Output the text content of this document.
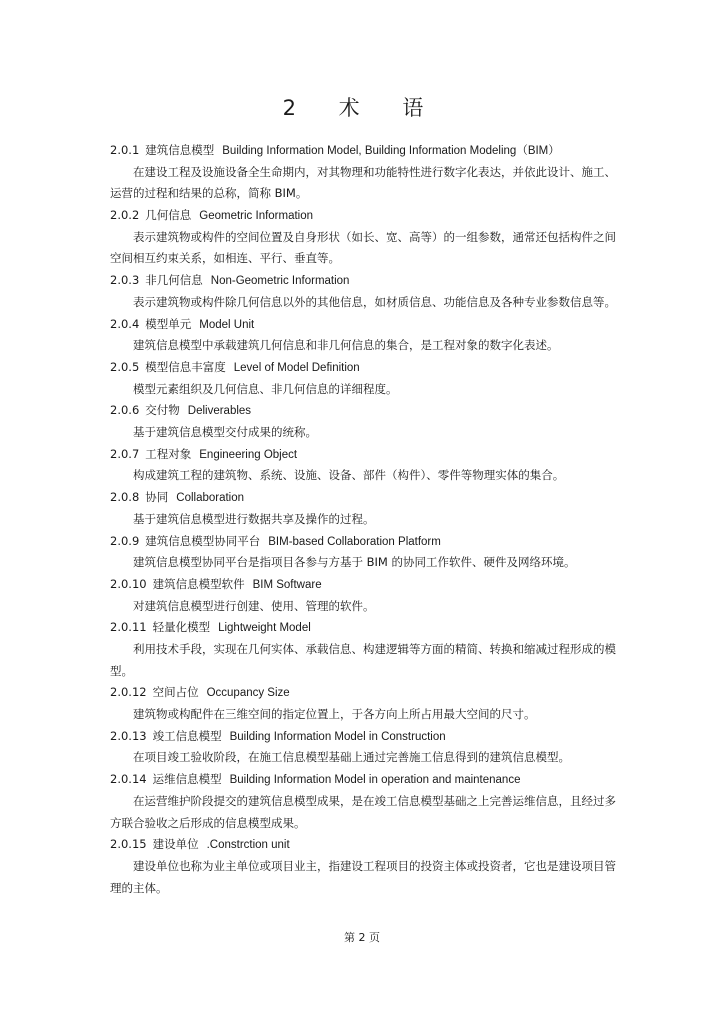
2 术 语
2.0.1 建筑信息模型 Building Information Model, Building Information Modeling（BIM）

在建设工程及设施设备全生命期内，对其物理和功能特性进行数字化表达，并依此设计、施工、运营的过程和结果的总称，简称 BIM。

2.0.2 几何信息 Geometric Information

表示建筑物或构件的空间位置及自身形状（如长、宽、高等）的一组参数，通常还包括构件之间空间相互约束关系，如相连、平行、垂直等。

2.0.3 非几何信息 Non-Geometric Information

表示建筑物或构件除几何信息以外的其他信息，如材质信息、功能信息及各种专业参数信息等。

2.0.4 模型单元 Model Unit

建筑信息模型中承载建筑几何信息和非几何信息的集合，是工程对象的数字化表述。

2.0.5 模型信息丰富度 Level of Model Definition

模型元素组织及几何信息、非几何信息的详细程度。

2.0.6 交付物 Deliverables

基于建筑信息模型交付成果的统称。

2.0.7 工程对象 Engineering Object

构成建筑工程的建筑物、系统、设施、设备、部件（构件）、零件等物理实体的集合。

2.0.8 协同 Collaboration

基于建筑信息模型进行数据共享及操作的过程。

2.0.9 建筑信息模型协同平台 BIM-based Collaboration Platform

建筑信息模型协同平台是指项目各参与方基于 BIM 的协同工作软件、硬件及网络环境。

2.0.10 建筑信息模型软件 BIM Software

对建筑信息模型进行创建、使用、管理的软件。

2.0.11 轻量化模型 Lightweight Model

利用技术手段，实现在几何实体、承载信息、构建逻辑等方面的精简、转换和缩减过程形成的模型。

2.0.12 空间占位 Occupancy Size

建筑物或构配件在三维空间的指定位置上，于各方向上所占用最大空间的尺寸。

2.0.13 竣工信息模型 Building Information Model in Construction

在项目竣工验收阶段，在施工信息模型基础上通过完善施工信息得到的建筑信息模型。

2.0.14 运维信息模型 Building Information Model in operation and maintenance

在运营维护阶段提交的建筑信息模型成果，是在竣工信息模型基础之上完善运维信息，且经过多方联合验收之后形成的信息模型成果。

2.0.15 建设单位 .Constrction unit

建设单位也称为业主单位或项目业主，指建设工程项目的投资主体或投资者，它也是建设项目管理的主体。

第 2 页
